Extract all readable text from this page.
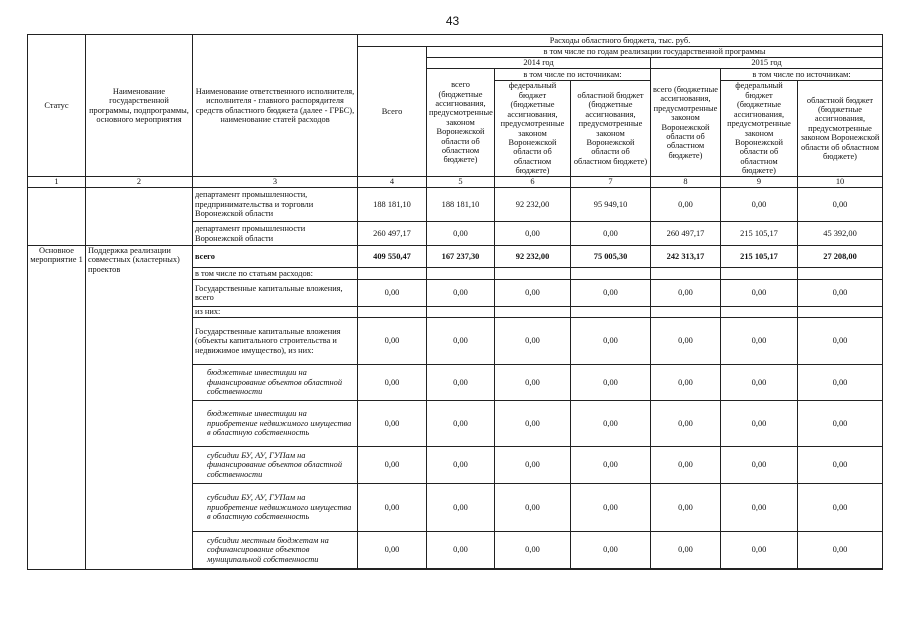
43
Статус	Наименование государственной программы, подпрограммы, основного мероприятия	Наименование ответственного исполнителя, исполнителя - главного распорядителя средств областного бюджета (далее - ГРБС), наименование статей расходов	Расходы областного бюджета, тыс. руб.						
			Всего	в том числе по годам реализации государственной программы					
				2014 год			2015 год		
				всего (бюджетные ассигнования, предусмотренные законом Воронежской области об областном бюджете)	в том числе по источникам:		всего (бюджетные ассигнования, предусмотренные законом Воронежской области об областном бюджете)	в том числе по источникам:	
					федеральный бюджет (бюджетные ассигнования, предусмотренные законом Воронежской области об областном бюджете)	областной бюджет (бюджетные ассигнования, предусмотренные законом Воронежской области об областном бюджете)		федеральный бюджет (бюджетные ассигнования, предусмотренные законом Воронежской области об областном бюджете)	областной бюджет (бюджетные ассигнования, предусмотренные законом Воронежской области об областном бюджете)
1	2	3	4	5	6	7	8	9	10
		департамент промышленности, предпринимательства и торговли Воронежской области	188 181,10	188 181,10	92 232,00	95 949,10	0,00	0,00	0,00
		департамент промышленности Воронежской области	260 497,17	0,00	0,00	0,00	260 497,17	215 105,17	45 392,00
Основное мероприятие 1	Поддержка реализации совместных (кластерных) проектов	всего	409 550,47	167 237,30	92 232,00	75 005,30	242 313,17	215 105,17	27 208,00
		в том числе по статьям расходов:							
		Государственные капитальные вложения, всего	0,00	0,00	0,00	0,00	0,00	0,00	0,00
		из них:							
		Государственные капитальные вложения (объекты капитального строительства и недвижимое имущество), из них:	0,00	0,00	0,00	0,00	0,00	0,00	0,00
		бюджетные инвестиции на финансирование объектов областной собственности	0,00	0,00	0,00	0,00	0,00	0,00	0,00
		бюджетные инвестиции на приобретение недвижимого имущества в областную собственность	0,00	0,00	0,00	0,00	0,00	0,00	0,00
		субсидии БУ, АУ, ГУПам на финансирование объектов областной собственности	0,00	0,00	0,00	0,00	0,00	0,00	0,00
		субсидии БУ, АУ, ГУПам на приобретение недвижимого имущества в областную собственность	0,00	0,00	0,00	0,00	0,00	0,00	0,00
		субсидии местным бюджетам на софинансирование объектов муниципальной собственности	0,00	0,00	0,00	0,00	0,00	0,00	0,00
